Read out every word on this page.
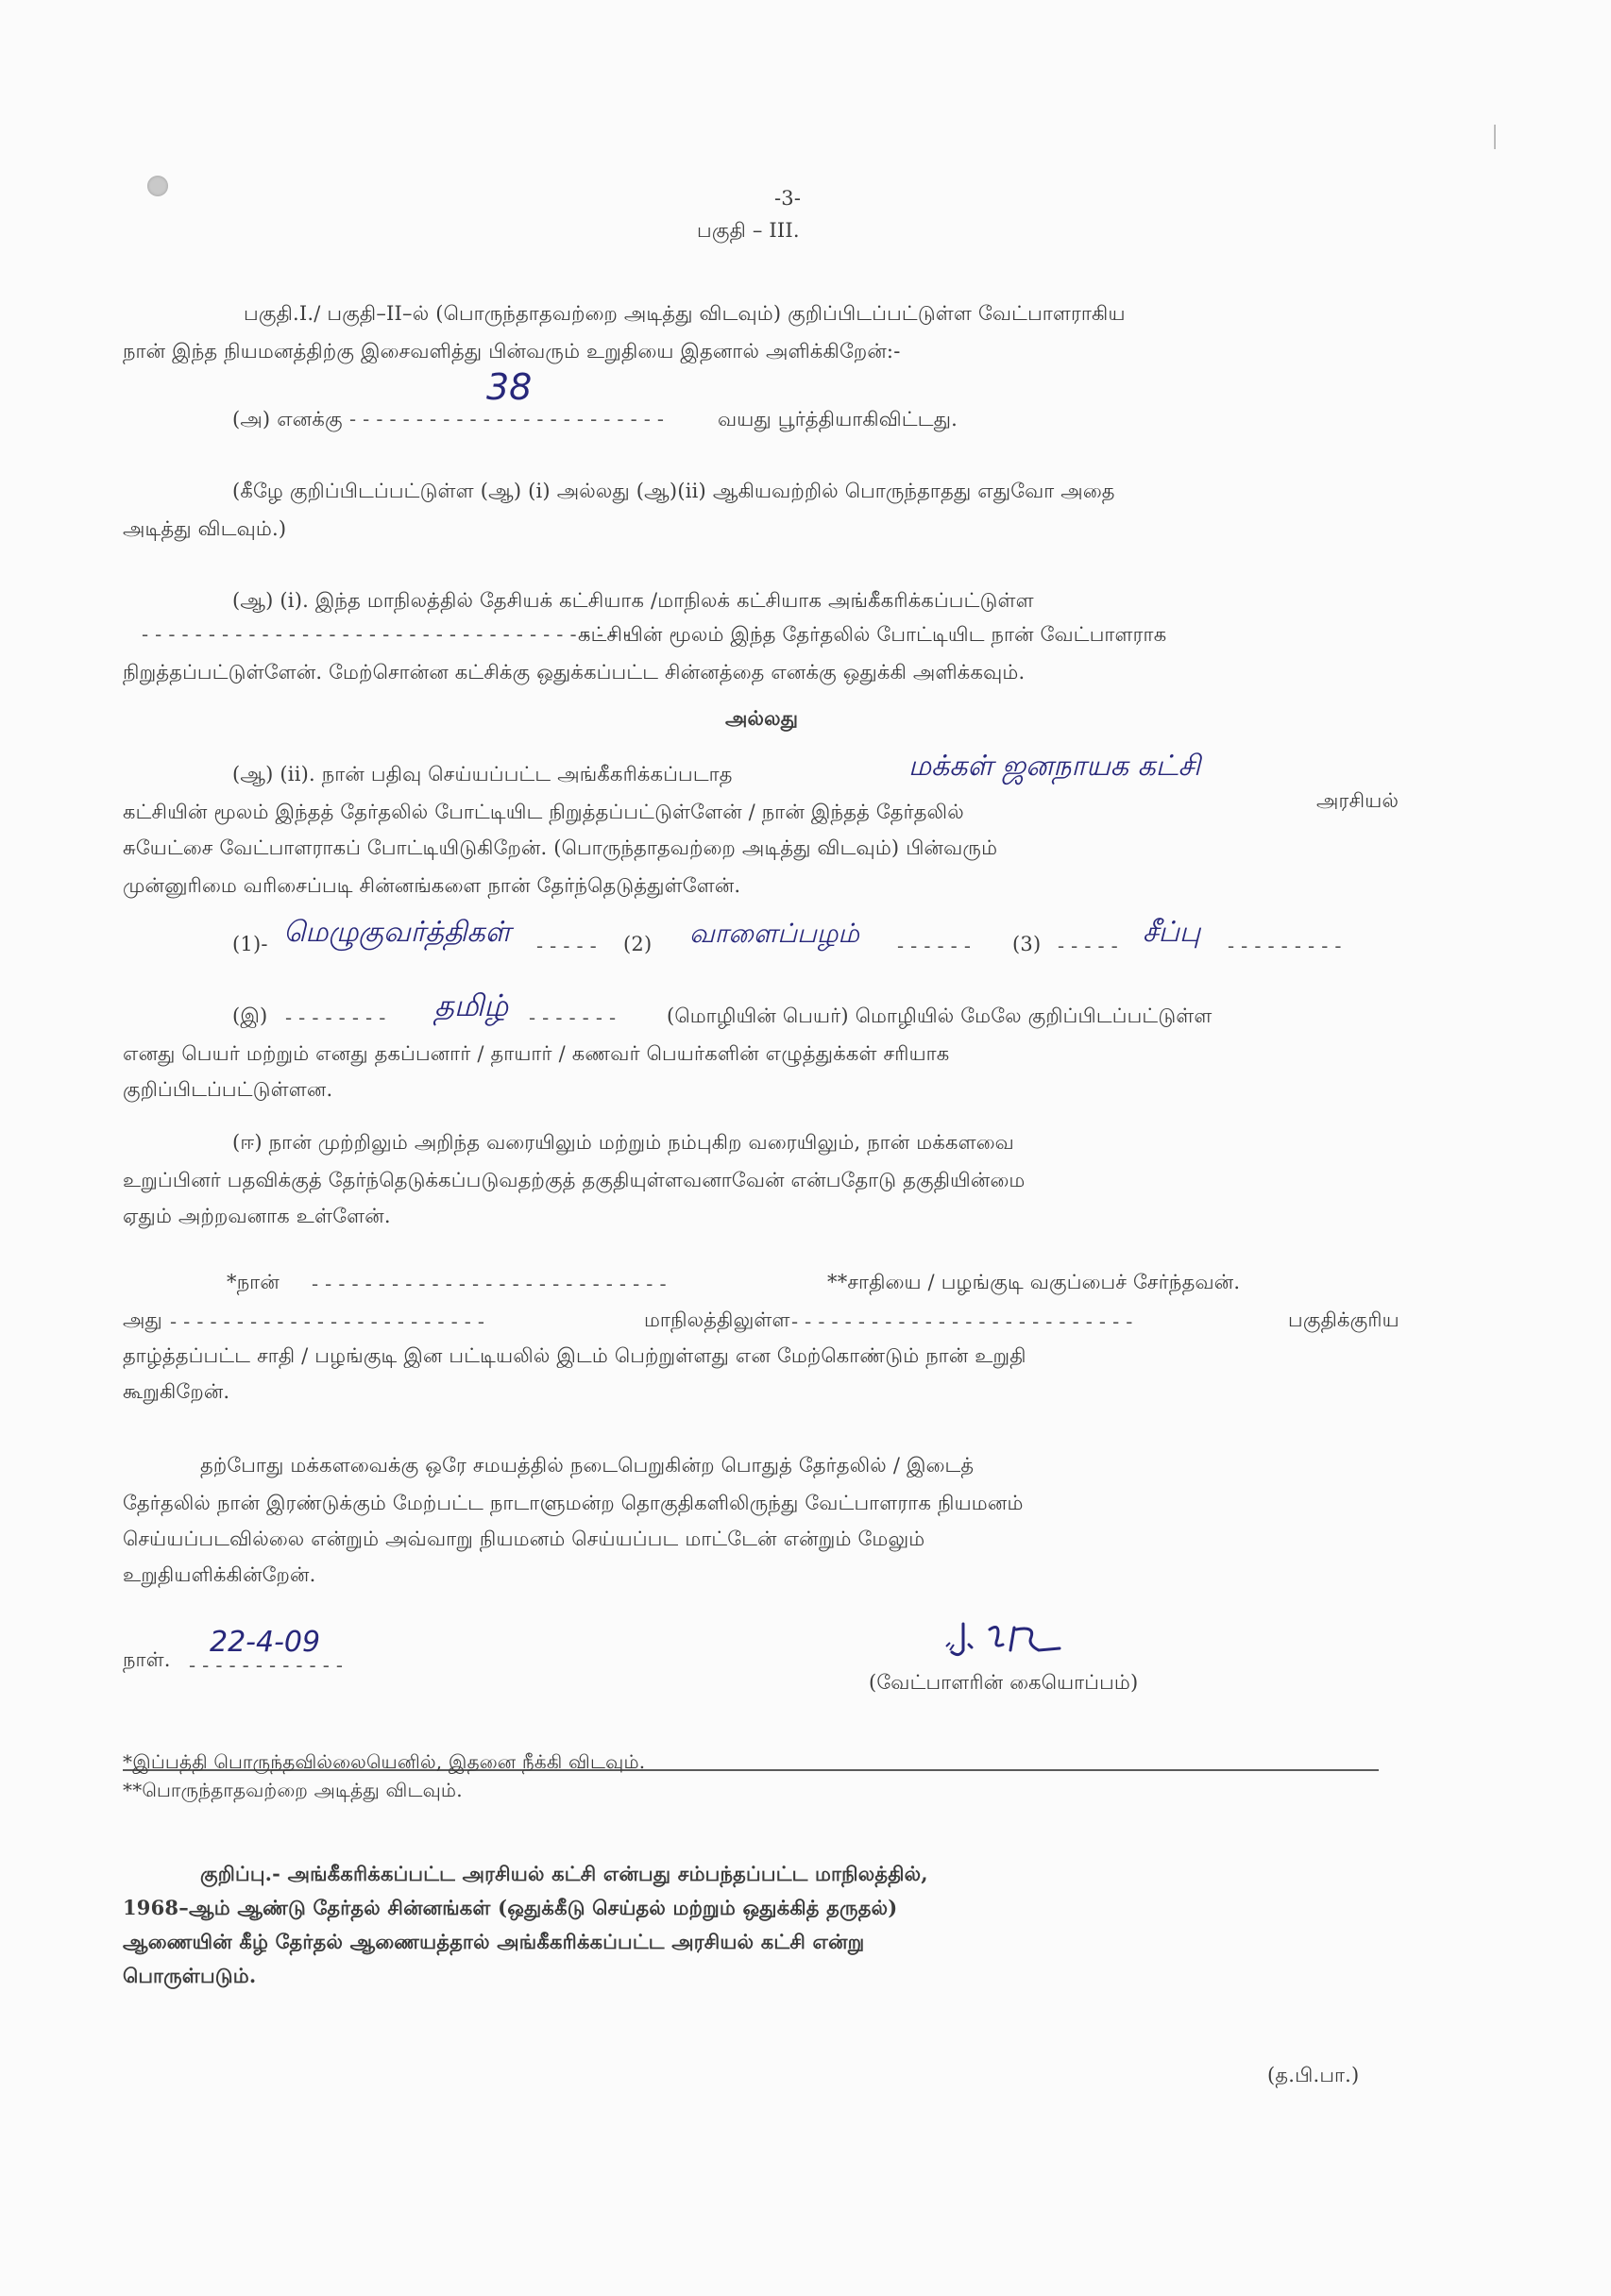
-3-
பகுதி – III.
பகுதி.I./ பகுதி–II–ல் (பொருந்தாதவற்றை அடித்து விடவும்) குறிப்பிடப்பட்டுள்ள வேட்பாளராகிய
நான் இந்த நியமனத்திற்கு இசைவளித்து பின்வரும் உறுதியை இதனால் அளிக்கிறேன்:-
(அ) எனக்கு - - - - - - - - - - - - - - - - - - - - - - - -
38
வயது பூர்த்தியாகிவிட்டது.
(கீழே குறிப்பிடப்பட்டுள்ள (ஆ) (i) அல்லது (ஆ)(ii) ஆகியவற்றில் பொருந்தாதது எதுவோ அதை
அடித்து விடவும்.)
(ஆ) (i). இந்த மாநிலத்தில் தேசியக் கட்சியாக /மாநிலக் கட்சியாக அங்கீகரிக்கப்பட்டுள்ள
- - - - - - - - - - - - - - - - - - - - - - - - - - - - - - - - - - - - -
கட்சியின் மூலம் இந்த தேர்தலில் போட்டியிட நான் வேட்பாளராக
நிறுத்தப்பட்டுள்ளேன். மேற்சொன்ன கட்சிக்கு ஒதுக்கப்பட்ட சின்னத்தை எனக்கு ஒதுக்கி அளிக்கவும்.
அல்லது
(ஆ) (ii). நான் பதிவு செய்யப்பட்ட அங்கீகரிக்கப்படாத	மக்கள் ஜனநாயக கட்சி
அரசியல்
கட்சியின் மூலம் இந்தத் தேர்தலில் போட்டியிட நிறுத்தப்பட்டுள்ளேன் / நான் இந்தத் தேர்தலில்
சுயேட்சை வேட்பாளராகப் போட்டியிடுகிறேன். (பொருந்தாதவற்றை அடித்து விடவும்) பின்வரும்
முன்னுரிமை வரிசைப்படி சின்னங்களை நான் தேர்ந்தெடுத்துள்ளேன்.
(1)- மெழுகுவர்த்திகள் - - - - - (2) வாளைப்பழம் - - - - - - (3) - - - - - சீப்பு - - - - - - - - -
(இ) - - - - - - - - தமிழ் - - - - - - -	(மொழியின் பெயர்) மொழியில் மேலே குறிப்பிடப்பட்டுள்ள
எனது பெயர் மற்றும் எனது தகப்பனார் / தாயார் / கணவர் பெயர்களின் எழுத்துக்கள் சரியாக
குறிப்பிடப்பட்டுள்ளன.
(ஈ) நான் முற்றிலும் அறிந்த வரையிலும் மற்றும் நம்புகிற வரையிலும், நான் மக்களவை
உறுப்பினர் பதவிக்குத் தேர்ந்தெடுக்கப்படுவதற்குத் தகுதியுள்ளவனாவேன் என்பதோடு தகுதியின்மை
ஏதும் அற்றவனாக உள்ளேன்.
*நான் - - - - - - - - - - - - - - - - - - - - - - - - - - -	**சாதியை / பழங்குடி வகுப்பைச் சேர்ந்தவன்.
அது - - - - - - - - - - - - - - - - - - - - - - - -	மாநிலத்திலுள்ள - - - - - - - - - - - - - - - - - - - - - - - - - -	பகுதிக்குரிய
தாழ்த்தப்பட்ட சாதி / பழங்குடி இன பட்டியலில் இடம் பெற்றுள்ளது என மேற்கொண்டும் நான் உறுதி
கூறுகிறேன்.
தற்போது மக்களவைக்கு ஒரே சமயத்தில் நடைபெறுகின்ற பொதுத் தேர்தலில் / இடைத்
தேர்தலில் நான் இரண்டுக்கும் மேற்பட்ட நாடாளுமன்ற தொகுதிகளிலிருந்து வேட்பாளராக நியமனம்
செய்யப்படவில்லை என்றும் அவ்வாறு நியமனம் செய்யப்பட மாட்டேன் என்றும் மேலும்
உறுதியளிக்கின்றேன்.
நாள்.
22-4-09
- - - - - - - - - - - -
(வேட்பாளரின் கையொப்பம்)
*இப்பத்தி பொருந்தவில்லையெனில், இதனை நீக்கி விடவும்.
**பொருந்தாதவற்றை அடித்து விடவும்.
குறிப்பு.- அங்கீகரிக்கப்பட்ட அரசியல் கட்சி என்பது சம்பந்தப்பட்ட மாநிலத்தில்,
1968–ஆம் ஆண்டு தேர்தல் சின்னங்கள் (ஒதுக்கீடு செய்தல் மற்றும் ஒதுக்கித் தருதல்)
ஆணையின் கீழ் தேர்தல் ஆணையத்தால் அங்கீகரிக்கப்பட்ட அரசியல் கட்சி என்று
பொருள்படும்.
(த.பி.பா.)
